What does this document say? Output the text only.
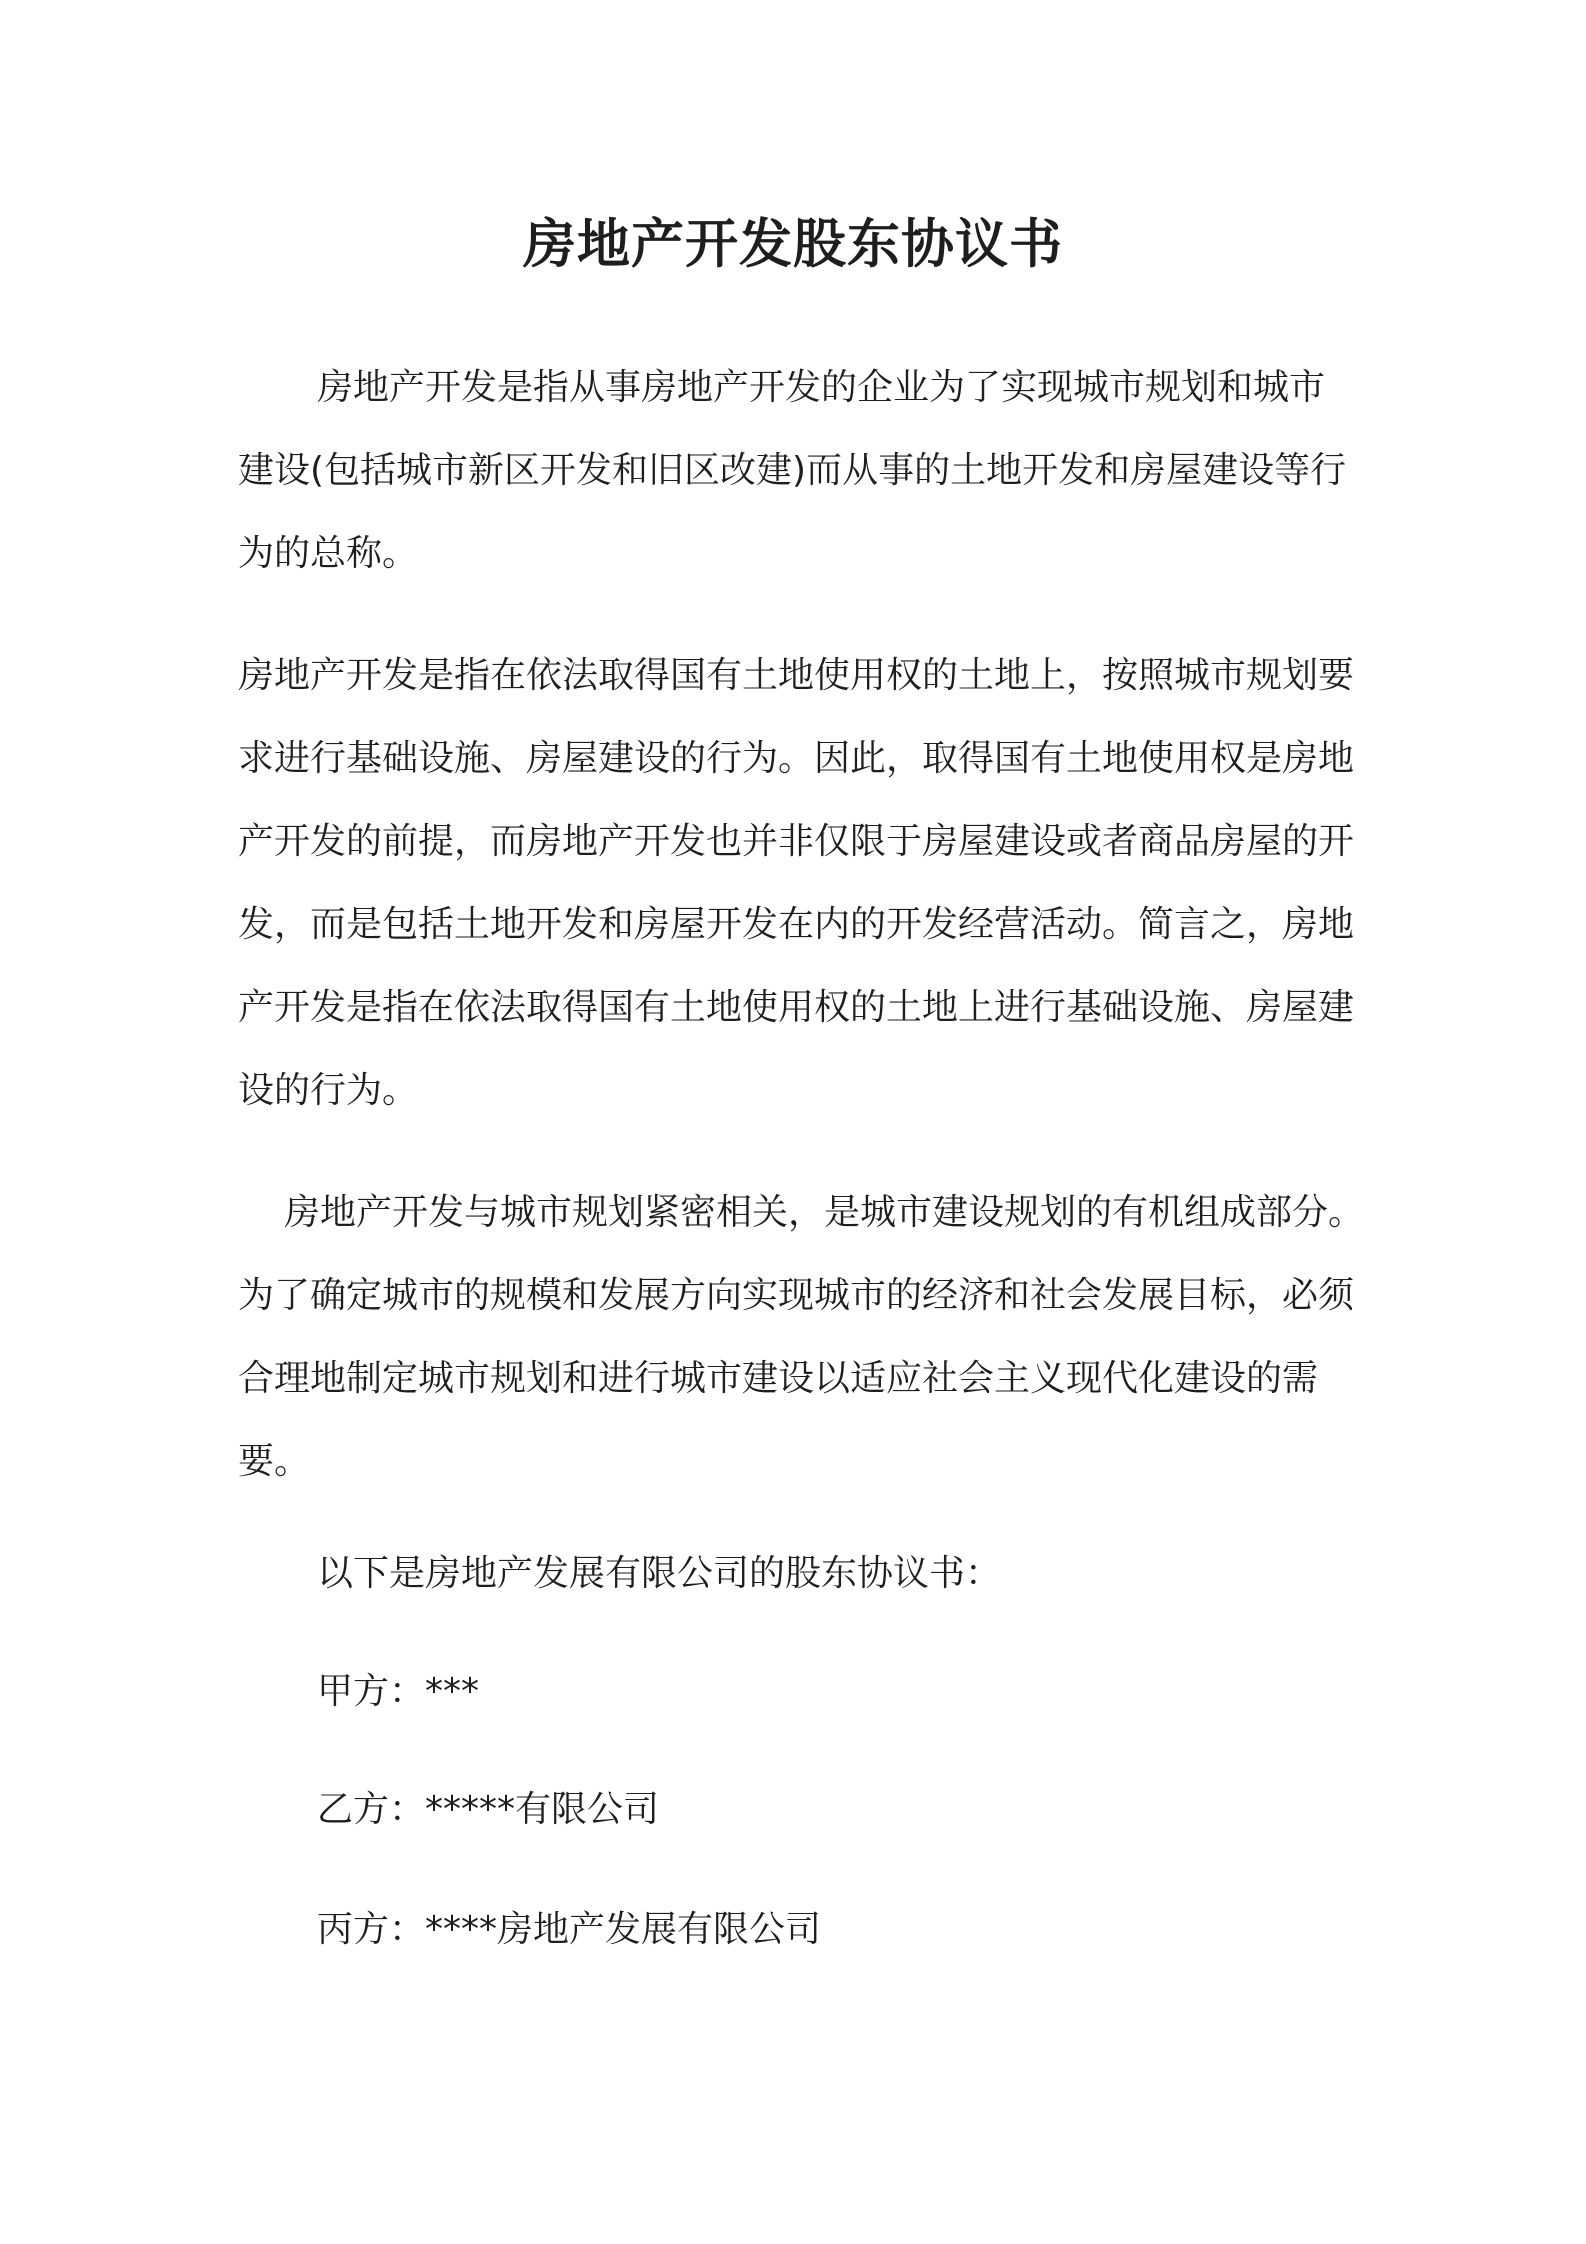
房地产开发股东协议书

房地产开发是指从事房地产开发的企业为了实现城市规划和城市
建设(包括城市新区开发和旧区改建)而从事的土地开发和房屋建设等行
为的总称。

房地产开发是指在依法取得国有土地使用权的土地上，按照城市规划要
求进行基础设施、房屋建设的行为。因此，取得国有土地使用权是房地
产开发的前提，而房地产开发也并非仅限于房屋建设或者商品房屋的开
发，而是包括土地开发和房屋开发在内的开发经营活动。简言之，房地
产开发是指在依法取得国有土地使用权的土地上进行基础设施、房屋建
设的行为。

房地产开发与城市规划紧密相关，是城市建设规划的有机组成部分。
为了确定城市的规模和发展方向实现城市的经济和社会发展目标，必须
合理地制定城市规划和进行城市建设以适应社会主义现代化建设的需
要。

以下是房地产发展有限公司的股东协议书：
甲方：***
乙方：*****有限公司
丙方：****房地产发展有限公司
